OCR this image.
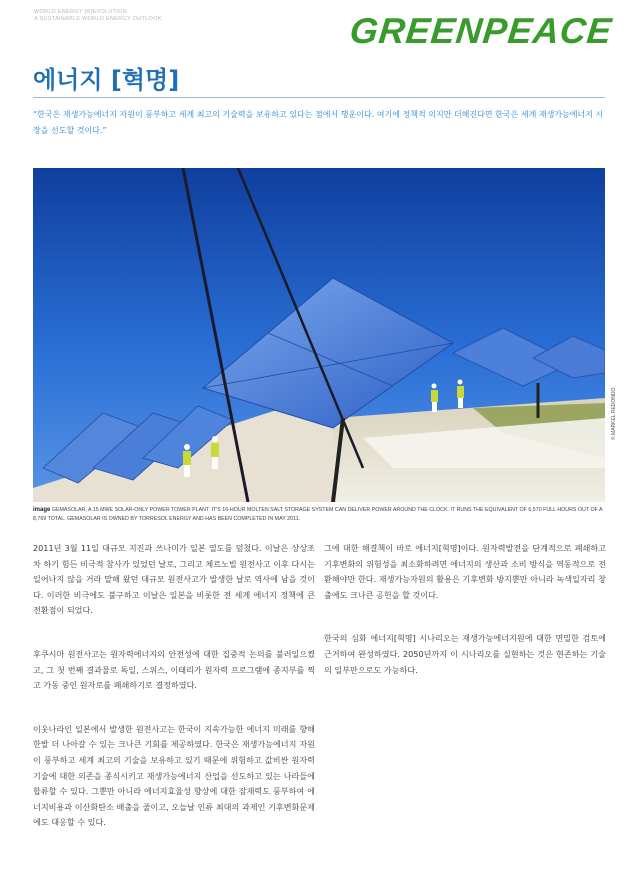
WORLD ENERGY [R]EVOLUTION
A SUSTAINABLE WORLD ENERGY OUTLOOK	GREENPEACE
에너지 [혁명]

“한국은 재생가능에너지 자원이 풍부하고 세계 최고의 기술력을 보유하고 있다는 점에서 행운이다. 여기에 정책적 의지만 더해진다면 한국은 세계 재생가능에너지 시장을 선도할 것이다.”

© MARKEL REDONDO

image GEMASOLAR, A 15 MWE SOLAR-ONLY POWER TOWER PLANT. IT'S 16-HOUR MOLTEN SALT STORAGE SYSTEM CAN DELIVER POWER AROUND THE CLOCK. IT RUNS THE EQUIVALENT OF 6,570 FULL HOURS OUT OF A 8,769 TOTAL. GEMASOLAR IS OWNED BY TORRESOL ENERGY AND HAS BEEN COMPLETED IN MAY 2011.

2011년 3월 11일 대규모 지진과 쓰나미가 일본 열도를 덮쳤다. 이날은 상상조차 하기 힘든 비극적 참사가 있었던 날로, 그리고 체르노빌 원전사고 이후 다시는 일어나지 않을 거라 말해 왔던 대규모 원전사고가 발생한 날로 역사에 남을 것이다. 이러한 비극에도 불구하고 이날은 일본을 비롯한 전 세계 에너지 정책에 큰 전환점이 되었다.

후쿠시마 원전사고는 원자력에너지의 안전성에 대한 집중적 논의를 불러일으켰고, 그 첫 번째 결과물로 독일, 스위스, 이태리가 원자력 프로그램에 종지부를 찍고 가동 중인 원자로를 폐쇄하기로 결정하였다.

이웃나라인 일본에서 발생한 원전사고는 한국이 지속가능한 에너지 미래를 향해 한발 더 나아갈 수 있는 크나큰 기회를 제공하였다. 한국은 재생가능에너지 자원이 풍부하고 세계 최고의 기술을 보유하고 있기 때문에 위험하고 값비싼 원자력기술에 대한 의존을 종식시키고 재생가능에너지 산업을 선도하고 있는 나라들에 합류할 수 있다. 그뿐만 아니라 에너지효율성 향상에 대한 잠재력도 풍부하여 에너지비용과 이산화탄소 배출을 줄이고, 오늘날 인류 최대의 과제인 기후변화문제에도 대응할 수 있다.

그에 대한 해결책이 바로 에너지[혁명]이다. 원자력발전을 단계적으로 폐쇄하고 기후변화의 위험성을 최소화하려면 에너지의 생산과 소비 방식을 역동적으로 전환해야만 한다. 재생가능자원의 활용은 기후변화 방지뿐만 아니라 녹색일자리 창출에도 크나큰 공헌을 할 것이다.

한국의 심화 에너지[혁명] 시나리오는 재생가능에너지원에 대한 면밀한 검토에 근거하여 완성하였다. 2050년까지 이 시나리오를 실현하는 것은 현존하는 기술의 일부만으로도 가능하다.
